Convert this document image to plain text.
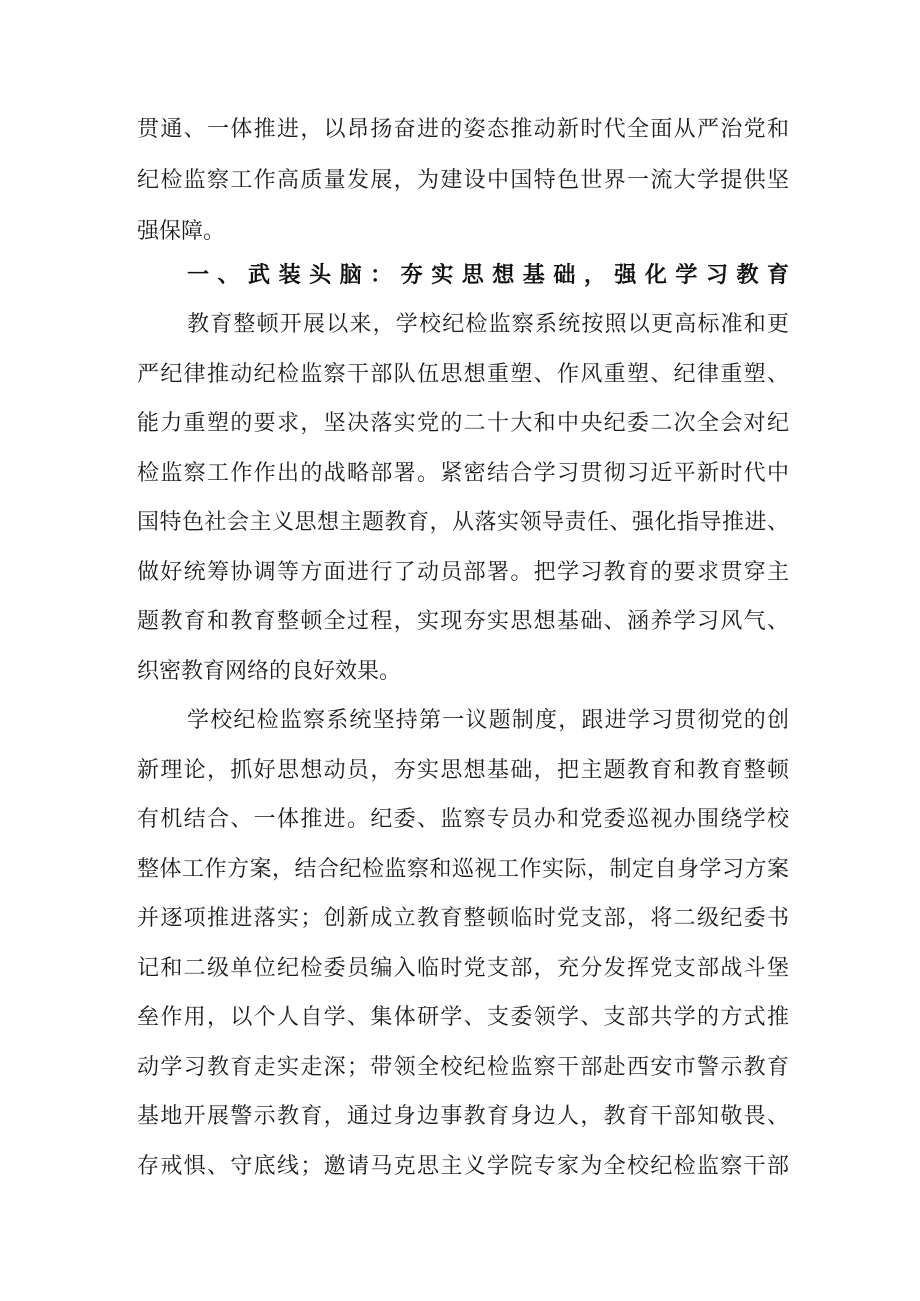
贯通、一体推进，以昂扬奋进的姿态推动新时代全面从严治党和
纪检监察工作高质量发展，为建设中国特色世界一流大学提供坚
强保障。
一、武装头脑：夯实思想基础，强化学习教育
教育整顿开展以来，学校纪检监察系统按照以更高标准和更
严纪律推动纪检监察干部队伍思想重塑、作风重塑、纪律重塑、
能力重塑的要求，坚决落实党的二十大和中央纪委二次全会对纪
检监察工作作出的战略部署。紧密结合学习贯彻习近平新时代中
国特色社会主义思想主题教育，从落实领导责任、强化指导推进、
做好统筹协调等方面进行了动员部署。把学习教育的要求贯穿主
题教育和教育整顿全过程，实现夯实思想基础、涵养学习风气、
织密教育网络的良好效果。
学校纪检监察系统坚持第一议题制度，跟进学习贯彻党的创
新理论，抓好思想动员，夯实思想基础，把主题教育和教育整顿
有机结合、一体推进。纪委、监察专员办和党委巡视办围绕学校
整体工作方案，结合纪检监察和巡视工作实际，制定自身学习方案
并逐项推进落实；创新成立教育整顿临时党支部，将二级纪委书
记和二级单位纪检委员编入临时党支部，充分发挥党支部战斗堡
垒作用，以个人自学、集体研学、支委领学、支部共学的方式推
动学习教育走实走深；带领全校纪检监察干部赴西安市警示教育
基地开展警示教育，通过身边事教育身边人，教育干部知敬畏、
存戒惧、守底线；邀请马克思主义学院专家为全校纪检监察干部
